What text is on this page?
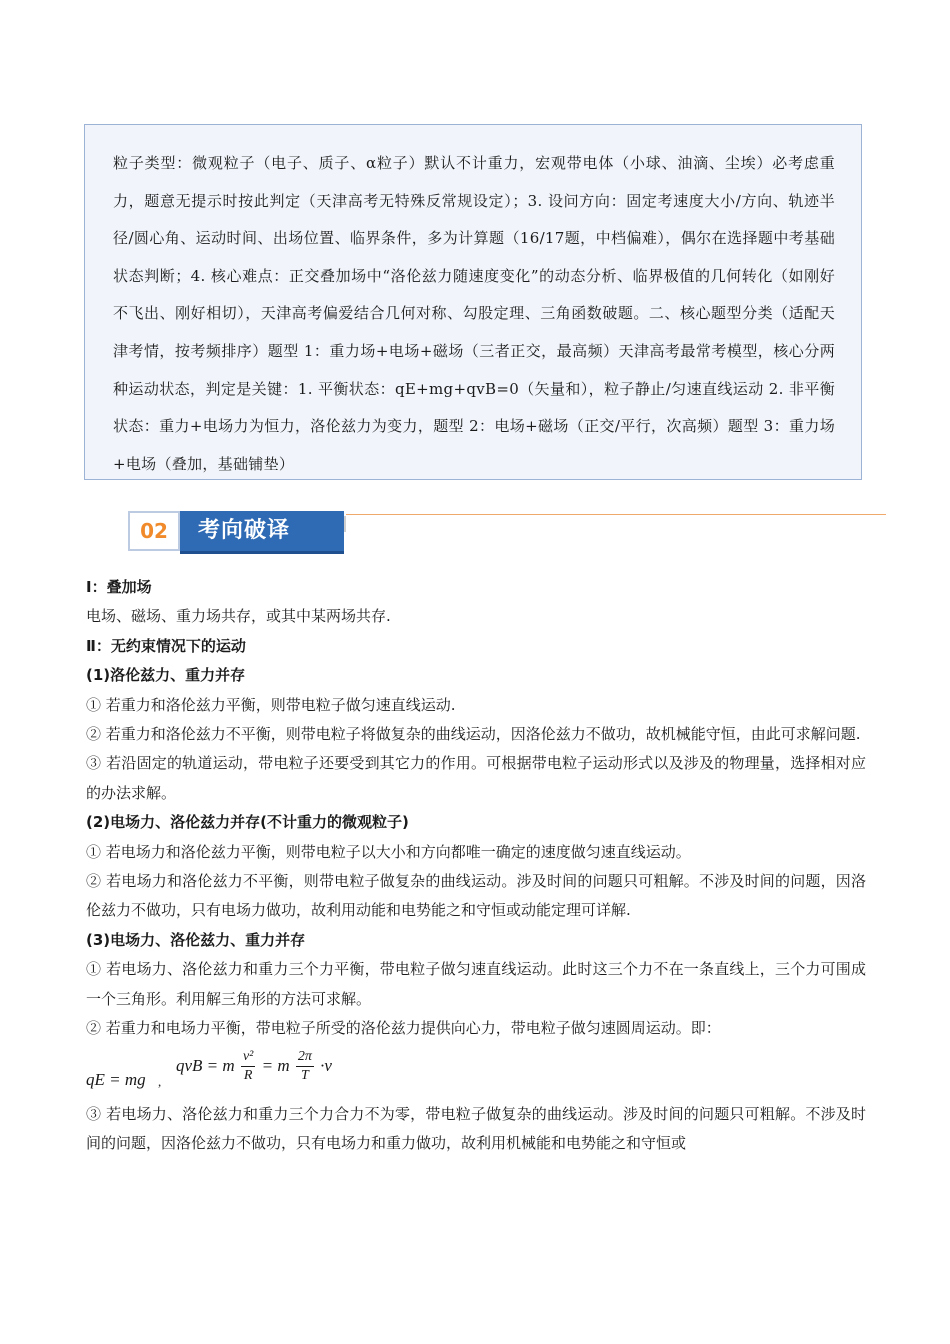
粒子类型：微观粒子（电子、质子、α粒子）默认不计重力，宏观带电体（小球、油滴、尘埃）必考虑重力，题意无提示时按此判定（天津高考无特殊反常规设定）；3. 设问方向：固定考速度大小/方向、轨迹半径/圆心角、运动时间、出场位置、临界条件，多为计算题（16/17题，中档偏难），偶尔在选择题中考基础状态判断；4. 核心难点：正交叠加场中“洛伦兹力随速度变化”的动态分析、临界极值的几何转化（如刚好不飞出、刚好相切），天津高考偏爱结合几何对称、勾股定理、三角函数破题。二、核心题型分类（适配天津考情，按考频排序）题型 1：重力场+电场+磁场（三者正交，最高频）天津高考最常考模型，核心分两种运动状态，判定是关键：1. 平衡状态：qE+mg+qvB=0（矢量和），粒子静止/匀速直线运动 2. 非平衡状态：重力+电场力为恒力，洛伦兹力为变力，题型 2：电场+磁场（正交/平行，次高频）题型 3：重力场+电场（叠加，基础铺垫）

02	考向破译

Ⅰ：叠加场

电场、磁场、重力场共存，或其中某两场共存.

Ⅱ：无约束情况下的运动

(1)洛伦兹力、重力并存

① 若重力和洛伦兹力平衡，则带电粒子做匀速直线运动.

② 若重力和洛伦兹力不平衡，则带电粒子将做复杂的曲线运动，因洛伦兹力不做功，故机械能守恒，由此可求解问题.

③ 若沿固定的轨道运动，带电粒子还要受到其它力的作用。可根据带电粒子运动形式以及涉及的物理量，选择相对应的办法求解。

(2)电场力、洛伦兹力并存(不计重力的微观粒子)

① 若电场力和洛伦兹力平衡，则带电粒子以大小和方向都唯一确定的速度做匀速直线运动。

② 若电场力和洛伦兹力不平衡，则带电粒子做复杂的曲线运动。涉及时间的问题只可粗解。不涉及时间的问题，因洛伦兹力不做功，只有电场力做功，故利用动能和电势能之和守恒或动能定理可详解.

(3)电场力、洛伦兹力、重力并存

① 若电场力、洛伦兹力和重力三个力平衡，带电粒子做匀速直线运动。此时这三个力不在一条直线上，三个力可围成一个三角形。利用解三角形的方法可求解。

② 若重力和电场力平衡，带电粒子所受的洛伦兹力提供向心力，带电粒子做匀速圆周运动。即：

qE = mg ,
qvB = m $\frac{\text{v²}}{R} = m \frac{2\pi}{T} \cdot v$

③ 若电场力、洛伦兹力和重力三个力合力不为零，带电粒子做复杂的曲线运动。涉及时间的问题只可粗解。不涉及时间的问题，因洛伦兹力不做功，只有电场力和重力做功，故利用机械能和电势能之和守恒或
